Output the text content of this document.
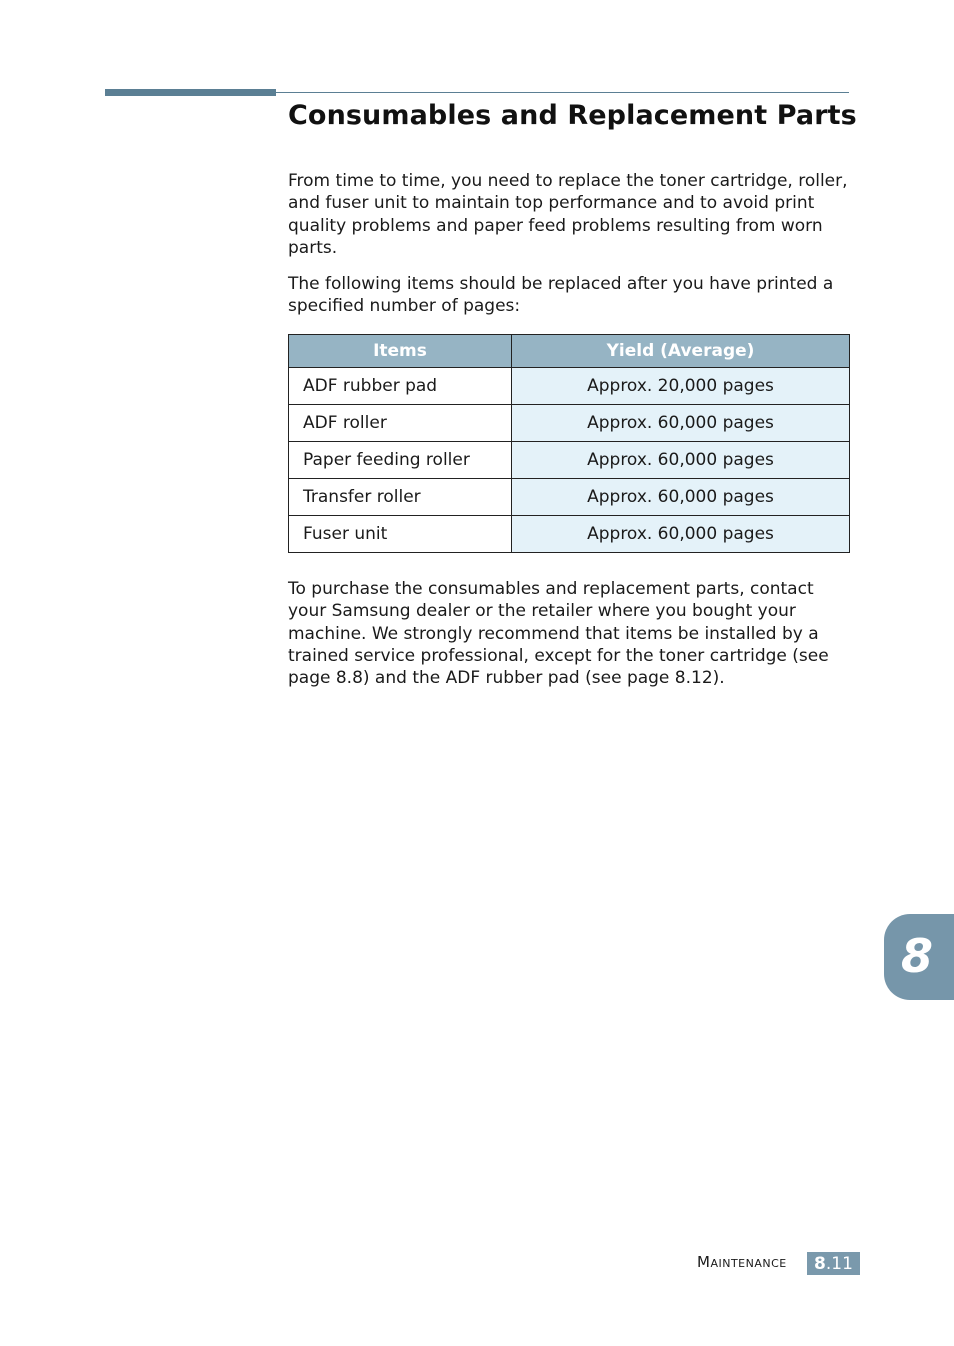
Consumables and Replacement Parts

From time to time, you need to replace the toner cartridge, roller, and fuser unit to maintain top performance and to avoid print quality problems and paper feed problems resulting from worn parts.

The following items should be replaced after you have printed a specified number of pages:

Items	Yield (Average)
ADF rubber pad	Approx. 20,000 pages
ADF roller	Approx. 60,000 pages
Paper feeding roller	Approx. 60,000 pages
Transfer roller	Approx. 60,000 pages
Fuser unit	Approx. 60,000 pages

To purchase the consumables and replacement parts, contact your Samsung dealer or the retailer where you bought your machine. We strongly recommend that items be installed by a trained service professional, except for the toner cartridge (see page 8.8) and the ADF rubber pad (see page 8.12).

8
Maintenance 8 .11
